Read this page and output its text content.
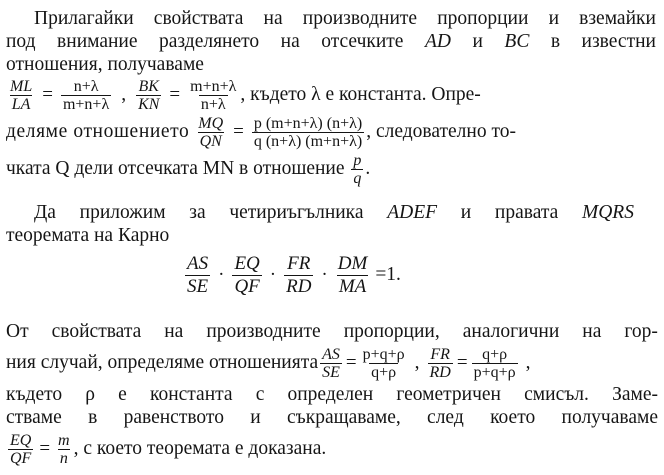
Прилагайки свойствата на производните пропорции и вземайки
под внимание разделянето на отсечките AD и BC в известни
отношения, получаваме
$\frac{ML}{LA} = \frac{n+\lambda}{m+n+\lambda}$ , $\frac{BK}{KN} = \frac{m+n+\lambda}{n+\lambda}$ , където λ е константа. Опре-
деляме отношението $\frac{MQ}{QN} = \frac{p (m+n+\lambda) (n+\lambda)}{q (n+\lambda) (m+n+\lambda)}$ , следователно то-
чката Q дели отсечката MN в отношение $\frac{p}{q}$ .
Да приложим за четириъгълника ADEF и правата MQRS
теоремата на Карно
$\frac{AS}{SE} \cdot \frac{EQ}{QF} \cdot \frac{FR}{RD} \cdot \frac{DM}{MA} =1$.
От свойствата на производните пропорции, аналогични на гор-
ния случай, определяме отношенията $\frac{AS}{SE} = \frac{p+q+\rho}{q+\rho}$ , $\frac{FR}{RD} = \frac{q+\rho}{p+q+\rho}$ ,
където ρ е константа с определен геометричен смисъл. Заме-
стваме в равенството и съкращаваме, след което получаваме
$\frac{EQ}{QF} = \frac{m}{n}$ , с което теоремата е доказана.
